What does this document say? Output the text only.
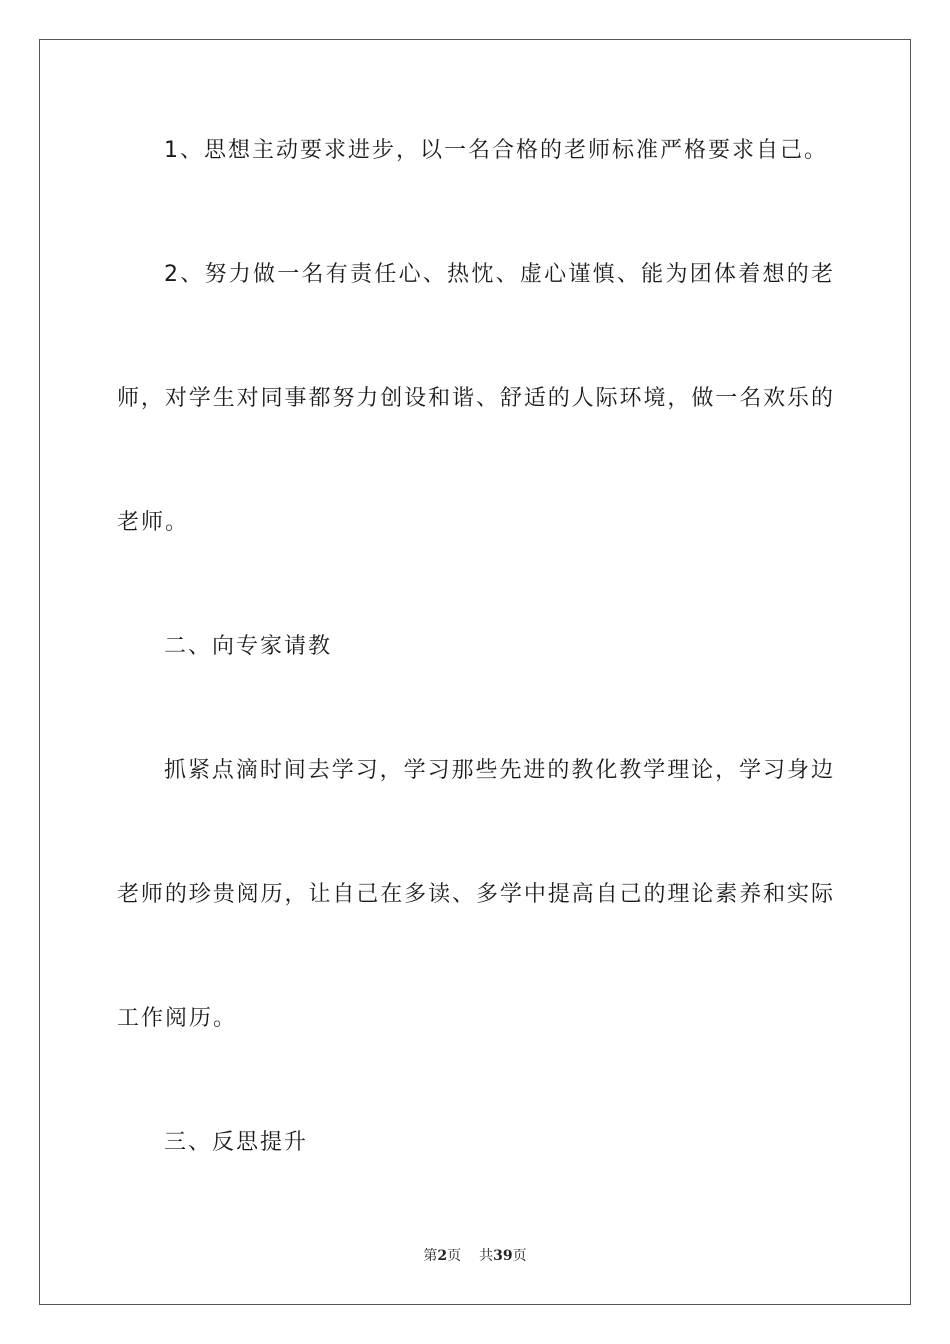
1、思想主动要求进步，以一名合格的老师标准严格要求自己。
2、努力做一名有责任心、热忱、虚心谨慎、能为团体着想的老
师，对学生对同事都努力创设和谐、舒适的人际环境，做一名欢乐的
老师。
二、向专家请教
抓紧点滴时间去学习，学习那些先进的教化教学理论，学习身边
老师的珍贵阅历，让自己在多读、多学中提高自己的理论素养和实际
工作阅历。
三、反思提升
第2页 共39页
